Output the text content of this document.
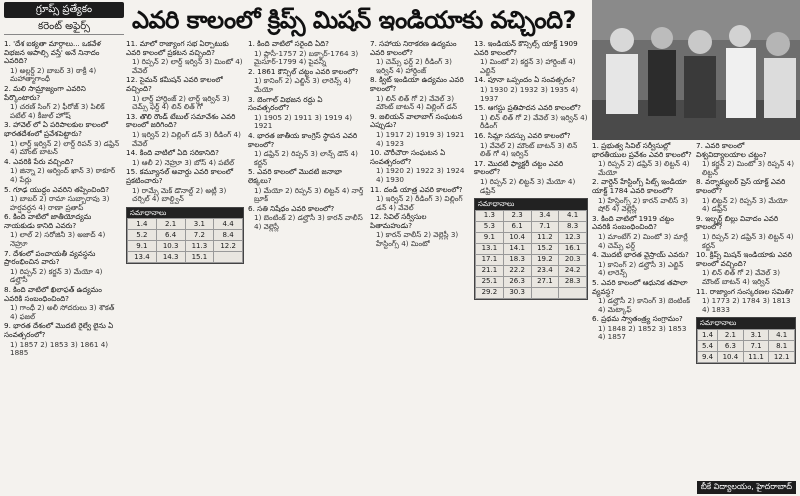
గ్రూప్స్ ప్రత్యేకం
కరెంట్ అఫైర్స్	ఎవరి కాలంలో క్రిప్స్ మిషన్ ఇండియాకు వచ్చింది?

1. 'దేశ ఐక్యతా మార్గాలు... ఒకవేళ విభజన ఆపాల్సి వస్తే' అనే నినాదం ఎవరిది?

1) అల్లర్డ్ 2) బాబర్ 3) ఠాక్రీ 4) మహాత్మాగాంధీ

2. మలి సామ్రాజ్యంగా ఎవరిని పేర్కొంటారు?

1) చరణ్ సింగ్ 2) ఫీరోజ్ 3) పిలిక్ పటేల్ 4) కీజుల్ హోష్

3. హావెల్ లో ఏ పరిపాలకుల కాలంలో భారతదేశంలో ప్రవేశపెట్టారు?

1) లార్డ్ ఇర్విన్ 2) లార్డ్ రిపన్ 3) డఫ్రిన్ 4) మౌంట్ బాటన్

4. ఎవరికి పేరు వచ్చింది?

1) జిన్నా 2) ఆర్వింద్ ఖాన్ 3) ఠాకూర్ 4) పేర్లు

5. గూఢ యుద్ధం ఎవరిని తప్పించింది?

1) బాబర్ 2) రామా సుబ్బారావు 3) హర్షవర్ధన 4) రాణా ప్రతాప్

6. కింది వాటిలో జాతీయోద్యమ నాయకుడు కానిది ఎవరు?

1) లాల్ 2) సరోజినీ 3) అజాద్ 4) నెహ్రూ

7. దేశంలో పంచాయతీ వ్యవస్థను ప్రారంభించిన వారు?

1) రిప్పన్ 2) కర్జన్ 3) మేయో 4) డల్హౌసీ

8. కింది వాటిలో ఖిలాఫత్ ఉద్యమం ఎవరికి సంబంధించింది?

1) గాంధీ 2) అలీ సోదరులు 3) శౌకత్ 4) ఫజల్

9. భారత దేశంలో మొదటి రైల్వే లైను ఏ సంవత్సరంలో?

1) 1857 2) 1853 3) 1861 4) 1885

11. మాలో రాజ్యాంగ సభ ఏర్పాటుకు ఎవరి కాలంలో ప్రకటన వచ్చింది?

1) రిప్పన్ 2) లార్డ్ ఇర్విన్ 3) మింటో 4) వేవెల్

12. సైమన్ కమీషన్ ఎవరి కాలంలో వచ్చింది?

1) లార్డ్ హార్డింజ్ 2) లార్డ్ ఇర్విన్ 3) చెమ్స్ ఫర్డ్ 4) లిన్ లిత్ గో

13. తొలి రౌండ్ టేబుల్ సమావేశం ఎవరి కాలంలో జరిగింది?

1) ఇర్విన్ 2) విల్లింగ్ డన్ 3) రీడింగ్ 4) వేవెల్

14. కింది వాటిలో ఏది సరికానిది?

1) ఆలీ 2) నెహ్రూ 3) బోస్ 4) పటేల్

15. కమ్యూనల్ అవార్డు ఎవరి కాలంలో ప్రకటించారు?

1) రామ్సే మెక్ డొనాల్డ్ 2) అట్లీ 3) చర్చిల్ 4) బాల్డ్విన్

సమాధానాలు
1.4	2.1	3.1	4.4
5.2	6.4	7.2	8.4
9.1	10.3	11.3	12.2
13.4	14.3	15.1	

1. కింది వాటిలో సరైంది ఏది?

1) ప్లాసీ-1757 2) బక్సార్-1764 3) మైసూర్-1799 4) పైవన్నీ

2. 1861 కౌన్సిల్ చట్టం ఎవరి కాలంలో?

1) కానింగ్ 2) ఎల్జిన్ 3) లారెన్స్ 4) మేయో

3. బెంగాల్ విభజన రద్దు ఏ సంవత్సరంలో?

1) 1905 2) 1911 3) 1919 4) 1921

4. భారత జాతీయ కాంగ్రెస్ స్థాపన ఎవరి కాలంలో?

1) డఫ్రిన్ 2) రిప్పన్ 3) లాన్స్ డౌన్ 4) కర్జన్

5. ఎవరి కాలంలో మొదటి జనాభా లెక్కలు?

1) మేయో 2) రిప్పన్ 3) లిట్టన్ 4) నార్త్ బ్రూక్

6. సతి నిషేధం ఎవరి కాలంలో?

1) బెంటింక్ 2) డల్హౌసీ 3) కారన్ వాలీస్ 4) వెల్లెస్లీ

7. సహాయ నిరాకరణ ఉద్యమం ఎవరి కాలంలో?

1) చెమ్స్ ఫర్డ్ 2) రీడింగ్ 3) ఇర్విన్ 4) హార్డింజ్

8. క్విట్ ఇండియా ఉద్యమం ఎవరి కాలంలో?

1) లిన్ లిత్ గో 2) వేవెల్ 3) మౌంట్ బాటన్ 4) విల్లింగ్ డన్

9. జలియన్ వాలాబాగ్ సంఘటన ఎప్పుడు?

1) 1917 2) 1919 3) 1921 4) 1923

10. చౌరీచౌరా సంఘటన ఏ సంవత్సరంలో?

1) 1920 2) 1922 3) 1924 4) 1930

11. దండి యాత్ర ఎవరి కాలంలో?

1) ఇర్విన్ 2) రీడింగ్ 3) విల్లింగ్ డన్ 4) వేవెల్

12. సివిల్ సర్వీసుల పితామహుడు?

1) కారన్ వాలీస్ 2) వెల్లెస్లీ 3) హేస్టింగ్స్ 4) మింటో

13. ఇండియన్ కౌన్సిల్స్ యాక్ట్ 1909 ఎవరి కాలంలో?

1) మింటో 2) కర్జన్ 3) హార్డింజ్ 4) ఎల్జిన్

14. పూనా ఒప్పందం ఏ సంవత్సరం?

1) 1930 2) 1932 3) 1935 4) 1937

15. ఆగస్టు ప్రతిపాదన ఎవరి కాలంలో?

1) లిన్ లిత్ గో 2) వేవెల్ 3) ఇర్విన్ 4) రీడింగ్

16. సిమ్లా సదస్సు ఎవరి కాలంలో?

1) వేవెల్ 2) మౌంట్ బాటన్ 3) లిన్ లిత్ గో 4) ఇర్విన్

17. మొదటి ఫ్యాక్టరీ చట్టం ఎవరి కాలంలో?

1) రిప్పన్ 2) లిట్టన్ 3) మేయో 4) డఫ్రిన్

సమాధానాలు
1.3	2.3	3.4	4.1
5.3	6.1	7.1	8.3
9.1	10.4	11.2	12.3
13.1	14.1	15.2	16.1
17.1	18.3	19.2	20.3
21.1	22.2	23.4	24.2
25.1	26.3	27.1	28.3
29.2	30.3		

1. ప్రభుత్వ సివిల్ సర్వీసుల్లో భారతీయుల ప్రవేశం ఎవరి కాలంలో?

1) రిప్పన్ 2) డఫ్రిన్ 3) లిట్టన్ 4) మేయో

2. వార్డెన్ హేస్టింగ్స్ పిట్స్ ఇండియా యాక్ట్ 1784 ఎవరి కాలంలో?

1) హేస్టింగ్స్ 2) కారన్ వాలీస్ 3) షోర్ 4) వెల్లెస్లీ

3. కింది వాటిలో 1919 చట్టం ఎవరికి సంబంధించింది?

1) మాంటేగ్ 2) మింటో 3) మార్లే 4) చెమ్స్ ఫర్డ్

4. మొదటి భారత వైస్రాయ్ ఎవరు?

1) కానింగ్ 2) డల్హౌసీ 3) ఎల్జిన్ 4) లారెన్స్

5. ఎవరి కాలంలో ఆధునిక తపాలా వ్యవస్థ?

1) డల్హౌసీ 2) కానింగ్ 3) బెంటింక్ 4) మెట్కాఫ్

6. ప్రథమ స్వాతంత్ర్య సంగ్రామం?

1) 1848 2) 1852 3) 1853 4) 1857

7. ఎవరి కాలంలో విశ్వవిద్యాలయాల చట్టం?

1) కర్జన్ 2) మింటో 3) రిప్పన్ 4) లిట్టన్

8. వర్నాక్యులర్ ప్రెస్ యాక్ట్ ఎవరి కాలంలో?

1) లిట్టన్ 2) రిప్పన్ 3) మేయో 4) డఫ్రిన్

9. ఇల్బర్ట్ బిల్లు వివాదం ఎవరి కాలంలో?

1) రిప్పన్ 2) డఫ్రిన్ 3) లిట్టన్ 4) కర్జన్

10. క్రిప్స్ మిషన్ ఇండియాకు ఎవరి కాలంలో వచ్చింది?

1) లిన్ లిత్ గో 2) వేవెల్ 3) మౌంట్ బాటన్ 4) ఇర్విన్

11. రాజ్యాంగ సంస్కరణల సమితి?

1) 1773 2) 1784 3) 1813 4) 1833

సమాధానాలు
1.4	2.1	3.1	4.1
5.4	6.3	7.1	8.1
9.4	10.4	11.1	12.1
బీకే విద్యాలయం, హైదరాబాద్
